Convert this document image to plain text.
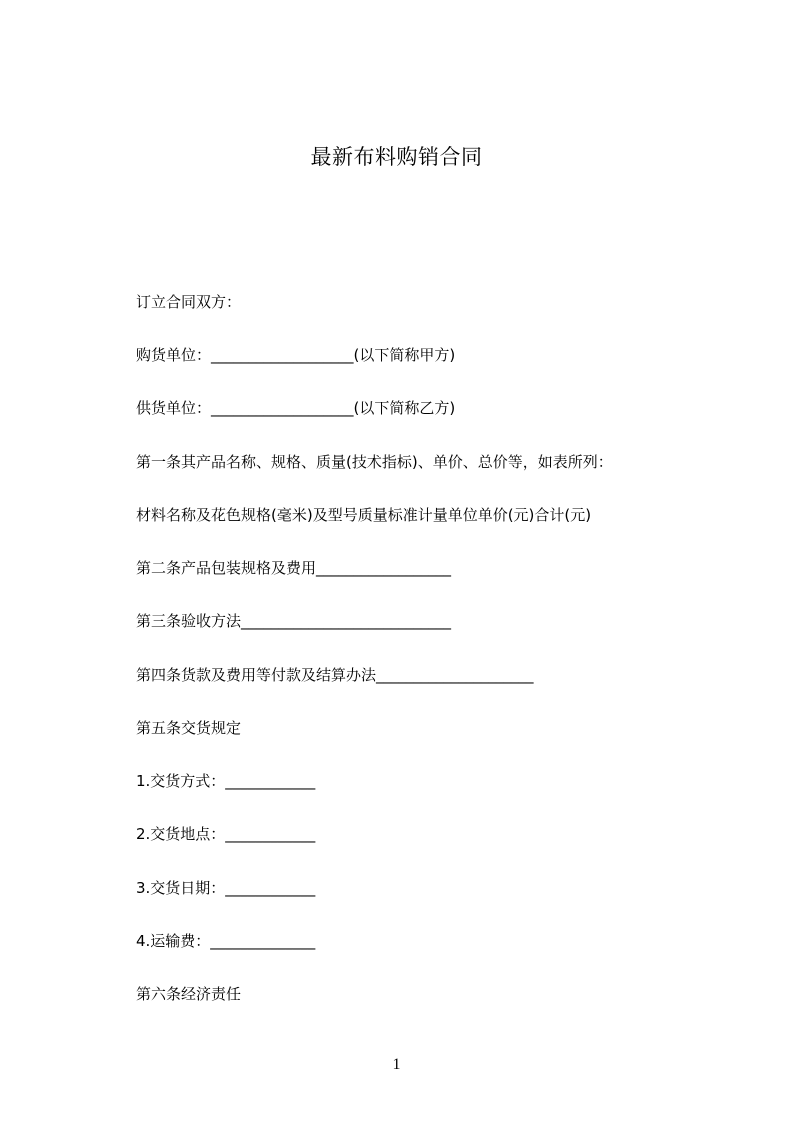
最新布料购销合同
订立合同双方：
购货单位：___________________(以下简称甲方)
供货单位：___________________(以下简称乙方)
第一条其产品名称、规格、质量(技术指标)、单价、总价等，如表所列：
材料名称及花色规格(毫米)及型号质量标准计量单位单价(元)合计(元)
第二条产品包装规格及费用__________________
第三条验收方法____________________________
第四条货款及费用等付款及结算办法_____________________
第五条交货规定
1.交货方式：____________
2.交货地点：____________
3.交货日期：____________
4.运输费：______________
第六条经济责任
1
